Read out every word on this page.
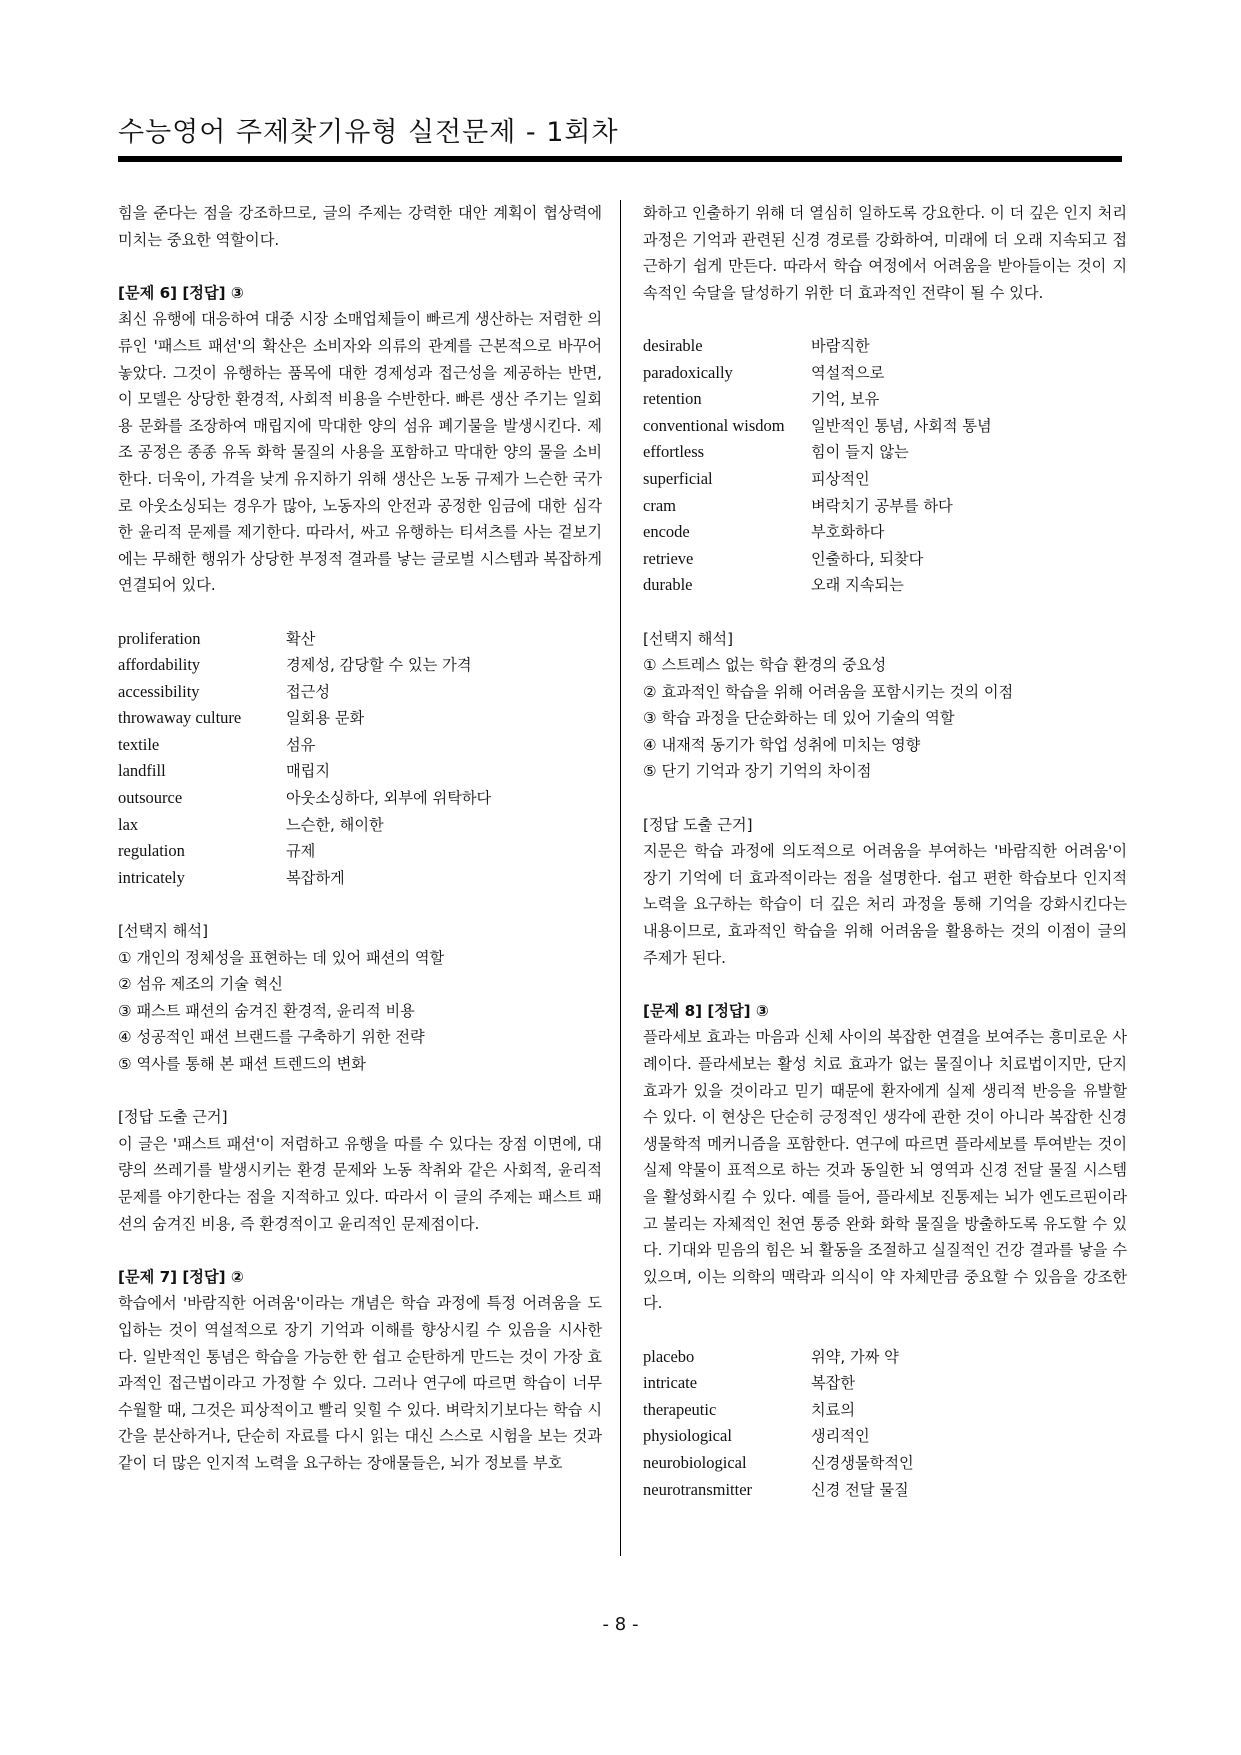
수능영어 주제찾기유형 실전문제 - 1회차

힘을 준다는 점을 강조하므로, 글의 주제는 강력한 대안 계획이 협상력에 미치는 중요한 역할이다.

[문제 6] [정답] ③

최신 유행에 대응하여 대중 시장 소매업체들이 빠르게 생산하는 저렴한 의류인 '패스트 패션'의 확산은 소비자와 의류의 관계를 근본적으로 바꾸어 놓았다. 그것이 유행하는 품목에 대한 경제성과 접근성을 제공하는 반면, 이 모델은 상당한 환경적, 사회적 비용을 수반한다. 빠른 생산 주기는 일회용 문화를 조장하여 매립지에 막대한 양의 섬유 폐기물을 발생시킨다. 제조 공정은 종종 유독 화학 물질의 사용을 포함하고 막대한 양의 물을 소비한다. 더욱이, 가격을 낮게 유지하기 위해 생산은 노동 규제가 느슨한 국가로 아웃소싱되는 경우가 많아, 노동자의 안전과 공정한 임금에 대한 심각한 윤리적 문제를 제기한다. 따라서, 싸고 유행하는 티셔츠를 사는 겉보기에는 무해한 행위가 상당한 부정적 결과를 낳는 글로벌 시스템과 복잡하게 연결되어 있다.

proliferation	확산
affordability	경제성, 감당할 수 있는 가격
accessibility	접근성
throwaway culture	일회용 문화
textile	섬유
landfill	매립지
outsource	아웃소싱하다, 외부에 위탁하다
lax	느슨한, 해이한
regulation	규제
intricately	복잡하게

[선택지 해석]

① 개인의 정체성을 표현하는 데 있어 패션의 역할

② 섬유 제조의 기술 혁신

③ 패스트 패션의 숨겨진 환경적, 윤리적 비용

④ 성공적인 패션 브랜드를 구축하기 위한 전략

⑤ 역사를 통해 본 패션 트렌드의 변화

[정답 도출 근거]

이 글은 '패스트 패션'이 저렴하고 유행을 따를 수 있다는 장점 이면에, 대량의 쓰레기를 발생시키는 환경 문제와 노동 착취와 같은 사회적, 윤리적 문제를 야기한다는 점을 지적하고 있다. 따라서 이 글의 주제는 패스트 패션의 숨겨진 비용, 즉 환경적이고 윤리적인 문제점이다.

[문제 7] [정답] ②

학습에서 '바람직한 어려움'이라는 개념은 학습 과정에 특정 어려움을 도입하는 것이 역설적으로 장기 기억과 이해를 향상시킬 수 있음을 시사한다. 일반적인 통념은 학습을 가능한 한 쉽고 순탄하게 만드는 것이 가장 효과적인 접근법이라고 가정할 수 있다. 그러나 연구에 따르면 학습이 너무 수월할 때, 그것은 피상적이고 빨리 잊힐 수 있다. 벼락치기보다는 학습 시간을 분산하거나, 단순히 자료를 다시 읽는 대신 스스로 시험을 보는 것과 같이 더 많은 인지적 노력을 요구하는 장애물들은, 뇌가 정보를 부호

화하고 인출하기 위해 더 열심히 일하도록 강요한다. 이 더 깊은 인지 처리 과정은 기억과 관련된 신경 경로를 강화하여, 미래에 더 오래 지속되고 접근하기 쉽게 만든다. 따라서 학습 여정에서 어려움을 받아들이는 것이 지속적인 숙달을 달성하기 위한 더 효과적인 전략이 될 수 있다.

desirable	바람직한
paradoxically	역설적으로
retention	기억, 보유
conventional wisdom	일반적인 통념, 사회적 통념
effortless	힘이 들지 않는
superficial	피상적인
cram	벼락치기 공부를 하다
encode	부호화하다
retrieve	인출하다, 되찾다
durable	오래 지속되는

[선택지 해석]

① 스트레스 없는 학습 환경의 중요성

② 효과적인 학습을 위해 어려움을 포함시키는 것의 이점

③ 학습 과정을 단순화하는 데 있어 기술의 역할

④ 내재적 동기가 학업 성취에 미치는 영향

⑤ 단기 기억과 장기 기억의 차이점

[정답 도출 근거]

지문은 학습 과정에 의도적으로 어려움을 부여하는 '바람직한 어려움'이 장기 기억에 더 효과적이라는 점을 설명한다. 쉽고 편한 학습보다 인지적 노력을 요구하는 학습이 더 깊은 처리 과정을 통해 기억을 강화시킨다는 내용이므로, 효과적인 학습을 위해 어려움을 활용하는 것의 이점이 글의 주제가 된다.

[문제 8] [정답] ③

플라세보 효과는 마음과 신체 사이의 복잡한 연결을 보여주는 흥미로운 사례이다. 플라세보는 활성 치료 효과가 없는 물질이나 치료법이지만, 단지 효과가 있을 것이라고 믿기 때문에 환자에게 실제 생리적 반응을 유발할 수 있다. 이 현상은 단순히 긍정적인 생각에 관한 것이 아니라 복잡한 신경생물학적 메커니즘을 포함한다. 연구에 따르면 플라세보를 투여받는 것이 실제 약물이 표적으로 하는 것과 동일한 뇌 영역과 신경 전달 물질 시스템을 활성화시킬 수 있다. 예를 들어, 플라세보 진통제는 뇌가 엔도르핀이라고 불리는 자체적인 천연 통증 완화 화학 물질을 방출하도록 유도할 수 있다. 기대와 믿음의 힘은 뇌 활동을 조절하고 실질적인 건강 결과를 낳을 수 있으며, 이는 의학의 맥락과 의식이 약 자체만큼 중요할 수 있음을 강조한다.

placebo	위약, 가짜 약
intricate	복잡한
therapeutic	치료의
physiological	생리적인
neurobiological	신경생물학적인
neurotransmitter	신경 전달 물질
- 8 -
